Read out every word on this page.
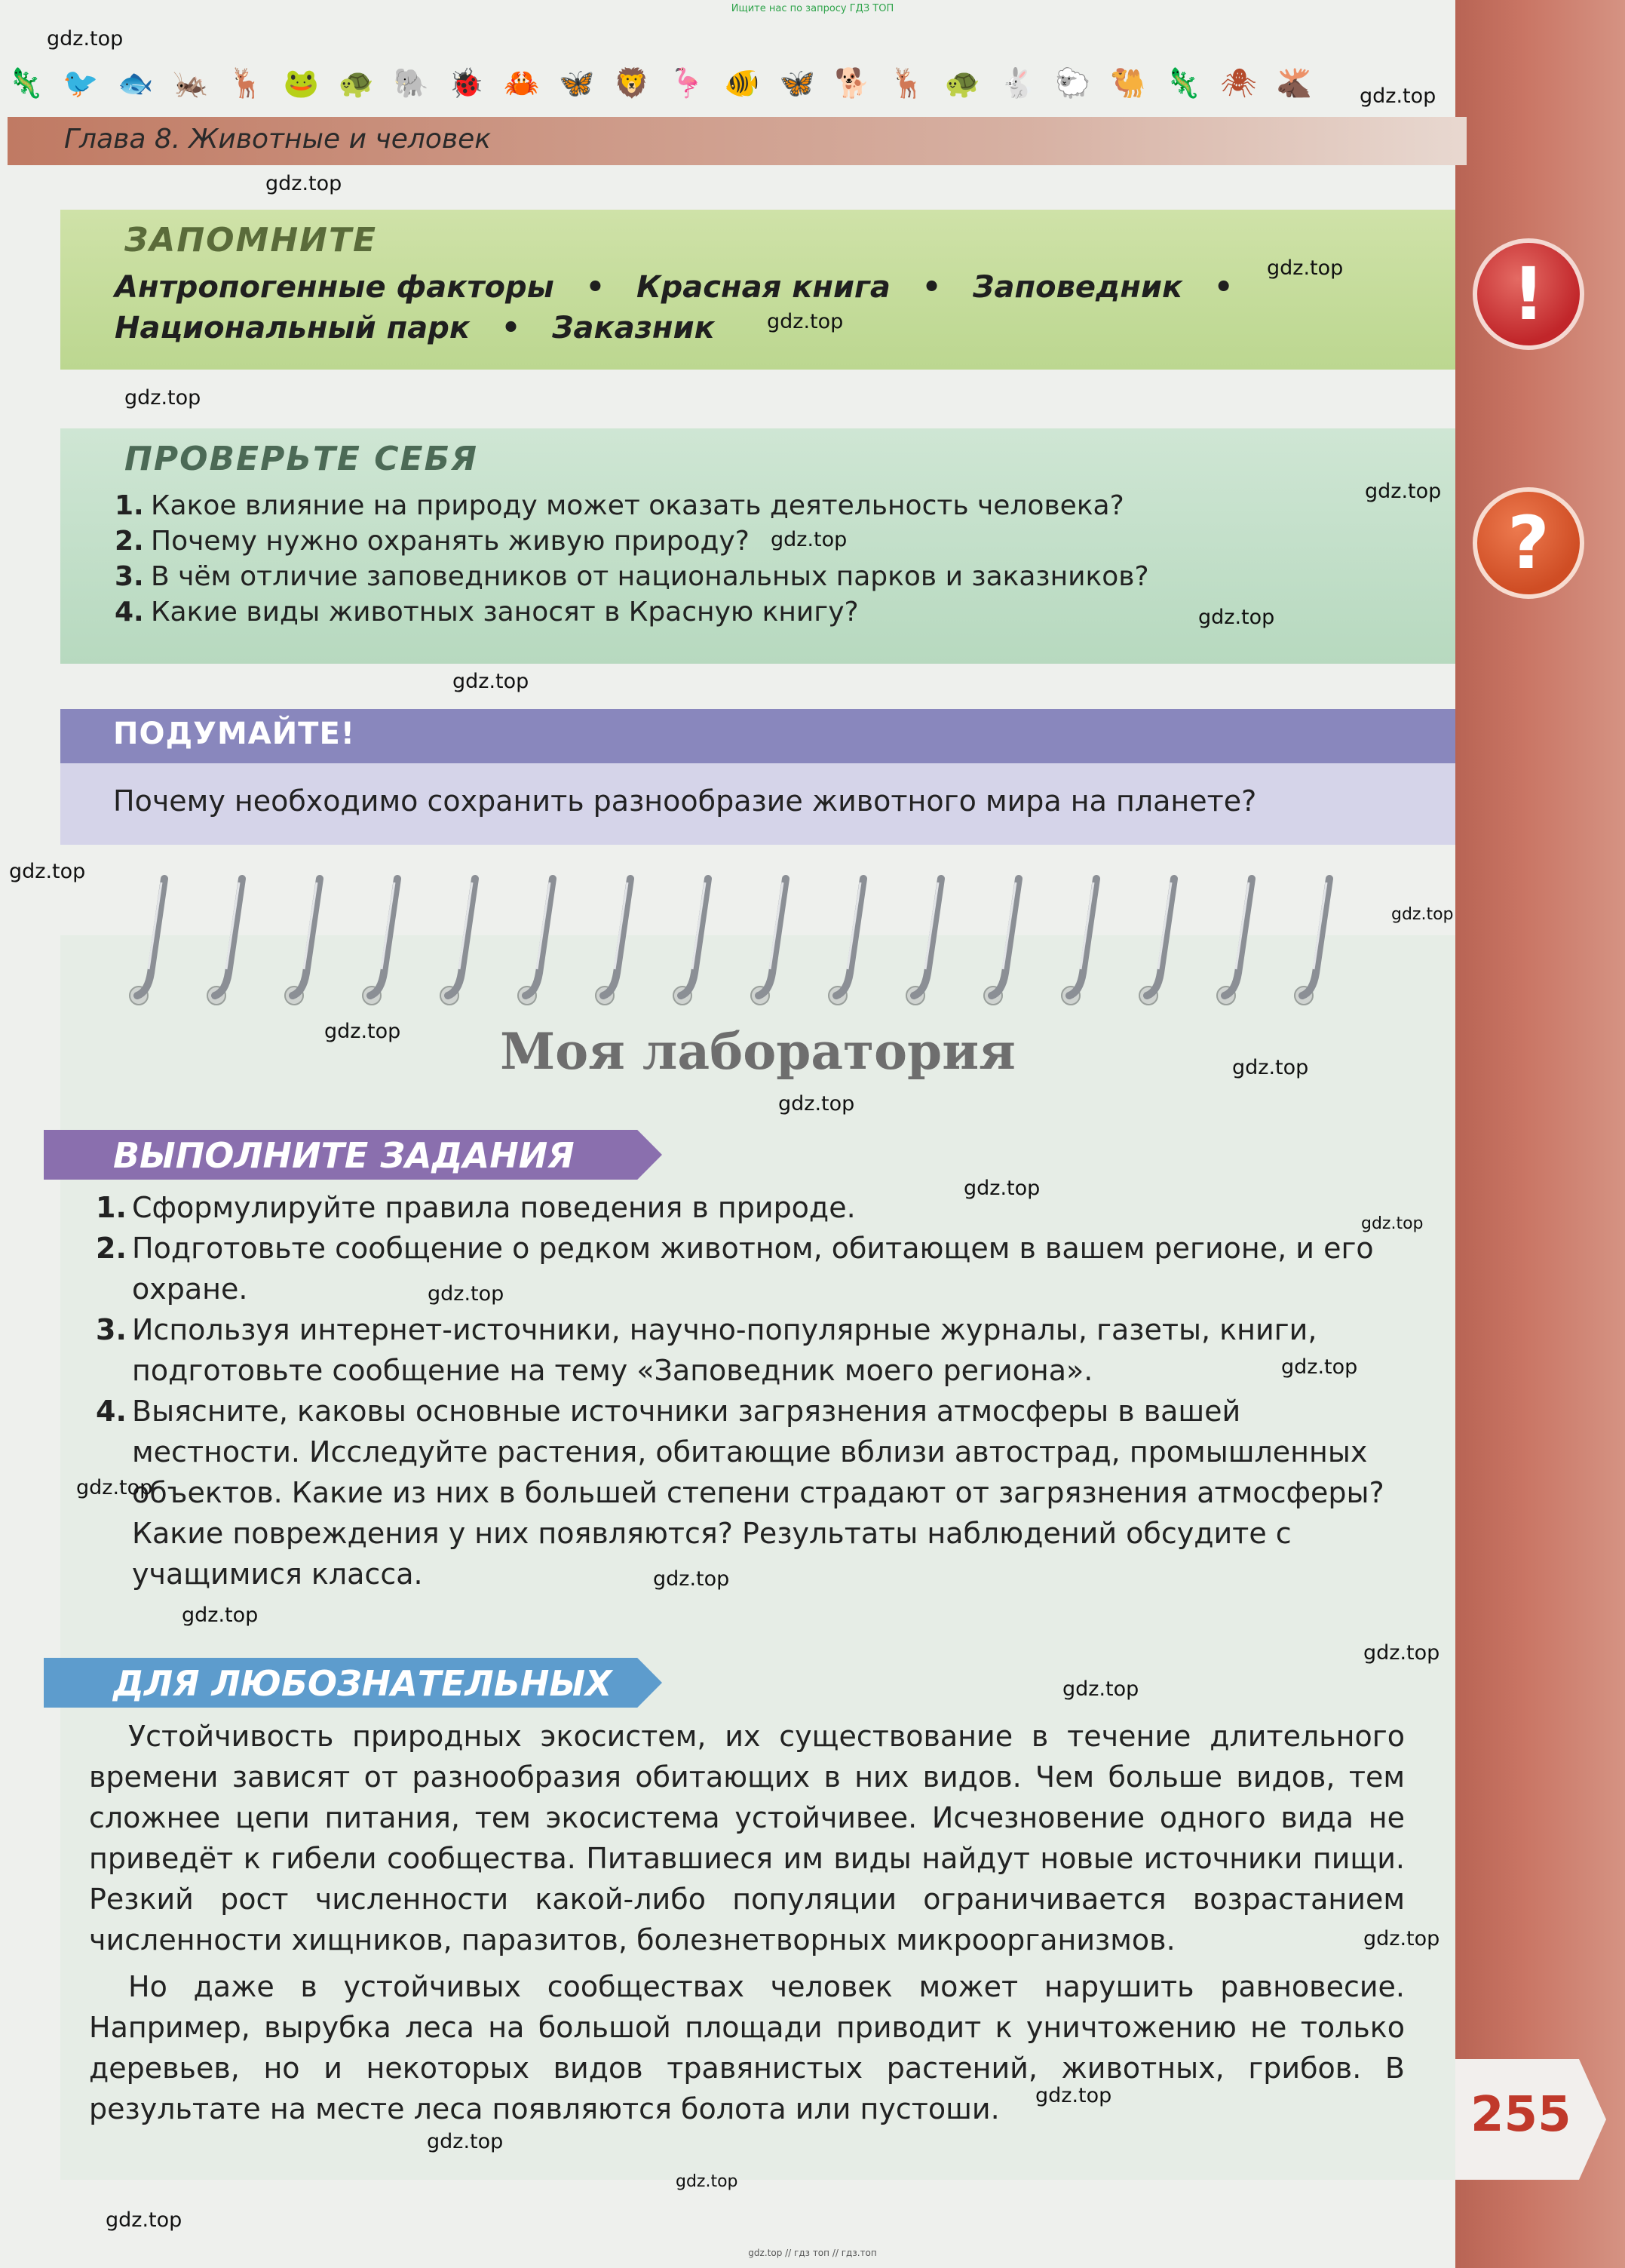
Ищите нас по запросу ГДЗ ТОП
🦎 🐦 🐟 🦗 🦌 🐸 🐢 🐘 🐞 🦀 🦋 🦁 🦩 🐠 🦋 🐕 🦌 🐢 🐇 🐑 🐫 🦎 🕷 🫎
Глава 8. Животные и человек
!
?
ЗАПОМНИТЕ
Антропогенные факторы   •   Красная книга   •   Заповедник   •
Национальный парк   •   Заказник
ПРОВЕРЬТЕ СЕБЯ
1. Какое влияние на природу может оказать деятельность человека?
2. Почему нужно охранять живую природу?
3. В чём отличие заповедников от национальных парков и заказников?
4. Какие виды животных заносят в Красную книгу?
ПОДУМАЙТЕ!
Почему необходимо сохранить разнообразие животного мира на планете?
Моя лаборатория
ВЫПОЛНИТЕ ЗАДАНИЯ
1. Сформулируйте правила поведения в природе.
2. Подготовьте сообщение о редком животном, обитающем в вашем регионе, и его охране.
3. Используя интернет-источники, научно-популярные журналы, газеты, книги, подготовьте сообщение на тему «Заповедник моего региона».
4. Выясните, каковы основные источники загрязнения атмосферы в вашей местности. Исследуйте растения, обитающие вблизи автострад, промышленных объектов. Какие из них в большей степени страдают от загрязнения атмосферы? Какие повреждения у них появляются? Результаты наблюдений обсудите с учащимися класса.
ДЛЯ ЛЮБОЗНАТЕЛЬНЫХ
Устойчивость природных экосистем, их существование в течение длительного времени зависят от разнообразия обитающих в них видов. Чем больше видов, тем сложнее цепи питания, тем экосистема устойчивее. Исчезновение одного вида не приведёт к гибели сообщества. Питавшиеся им виды найдут новые источники пищи. Резкий рост численности какой-либо популяции ограничивается возрастанием численности хищников, паразитов, болезнетворных микроорганизмов.
Но даже в устойчивых сообществах человек может нарушить равновесие. Например, вырубка леса на большой площади приводит к уничтожению не только деревьев, но и некоторых видов травянистых растений, животных, грибов. В результате на месте леса появляются болота или пустоши.	255
gdz.top
gdz.top
gdz.top
gdz.top
gdz.top
gdz.top
gdz.top
gdz.top
gdz.top
gdz.top
gdz.top
gdz.top
gdz.top
gdz.top
gdz.top
gdz.top
gdz.top
gdz.top
gdz.top
gdz.top
gdz.top
gdz.top
gdz.top
gdz.top
gdz.top
gdz.top
gdz.top
gdz.top
gdz.top
gdz.top // гдз топ // гдз.топ
